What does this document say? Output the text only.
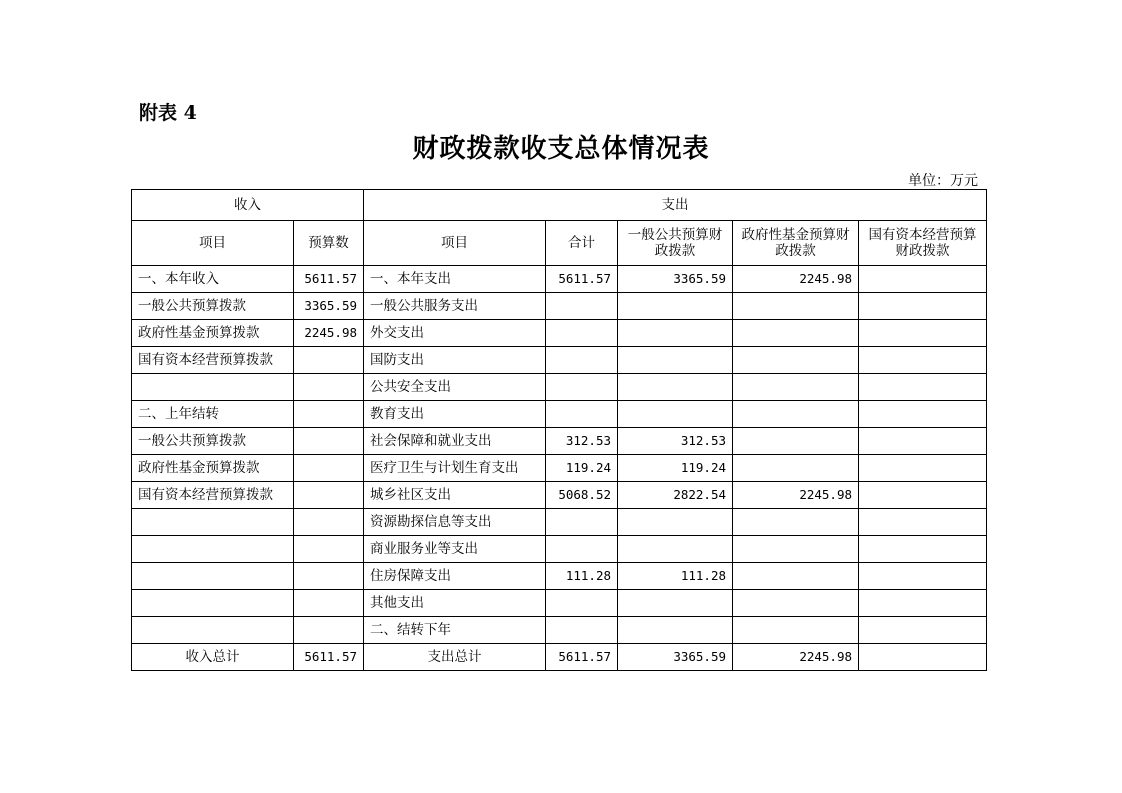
附表 4
财政拨款收支总体情况表
单位：万元
收入		支出				
项目	预算数	项目	合计	一般公共预算财政拨款	政府性基金预算财政拨款	国有资本经营预算财政拨款
一、本年收入	5611.57	一、本年支出	5611.57	3365.59	2245.98	
一般公共预算拨款	3365.59	一般公共服务支出				
政府性基金预算拨款	2245.98	外交支出				
国有资本经营预算拨款		国防支出				
		公共安全支出				
二、上年结转		教育支出				
一般公共预算拨款		社会保障和就业支出	312.53	312.53		
政府性基金预算拨款		医疗卫生与计划生育支出	119.24	119.24		
国有资本经营预算拨款		城乡社区支出	5068.52	2822.54	2245.98	
		资源勘探信息等支出				
		商业服务业等支出				
		住房保障支出	111.28	111.28		
		其他支出				
		二、结转下年				
收入总计	5611.57	支出总计	5611.57	3365.59	2245.98	
